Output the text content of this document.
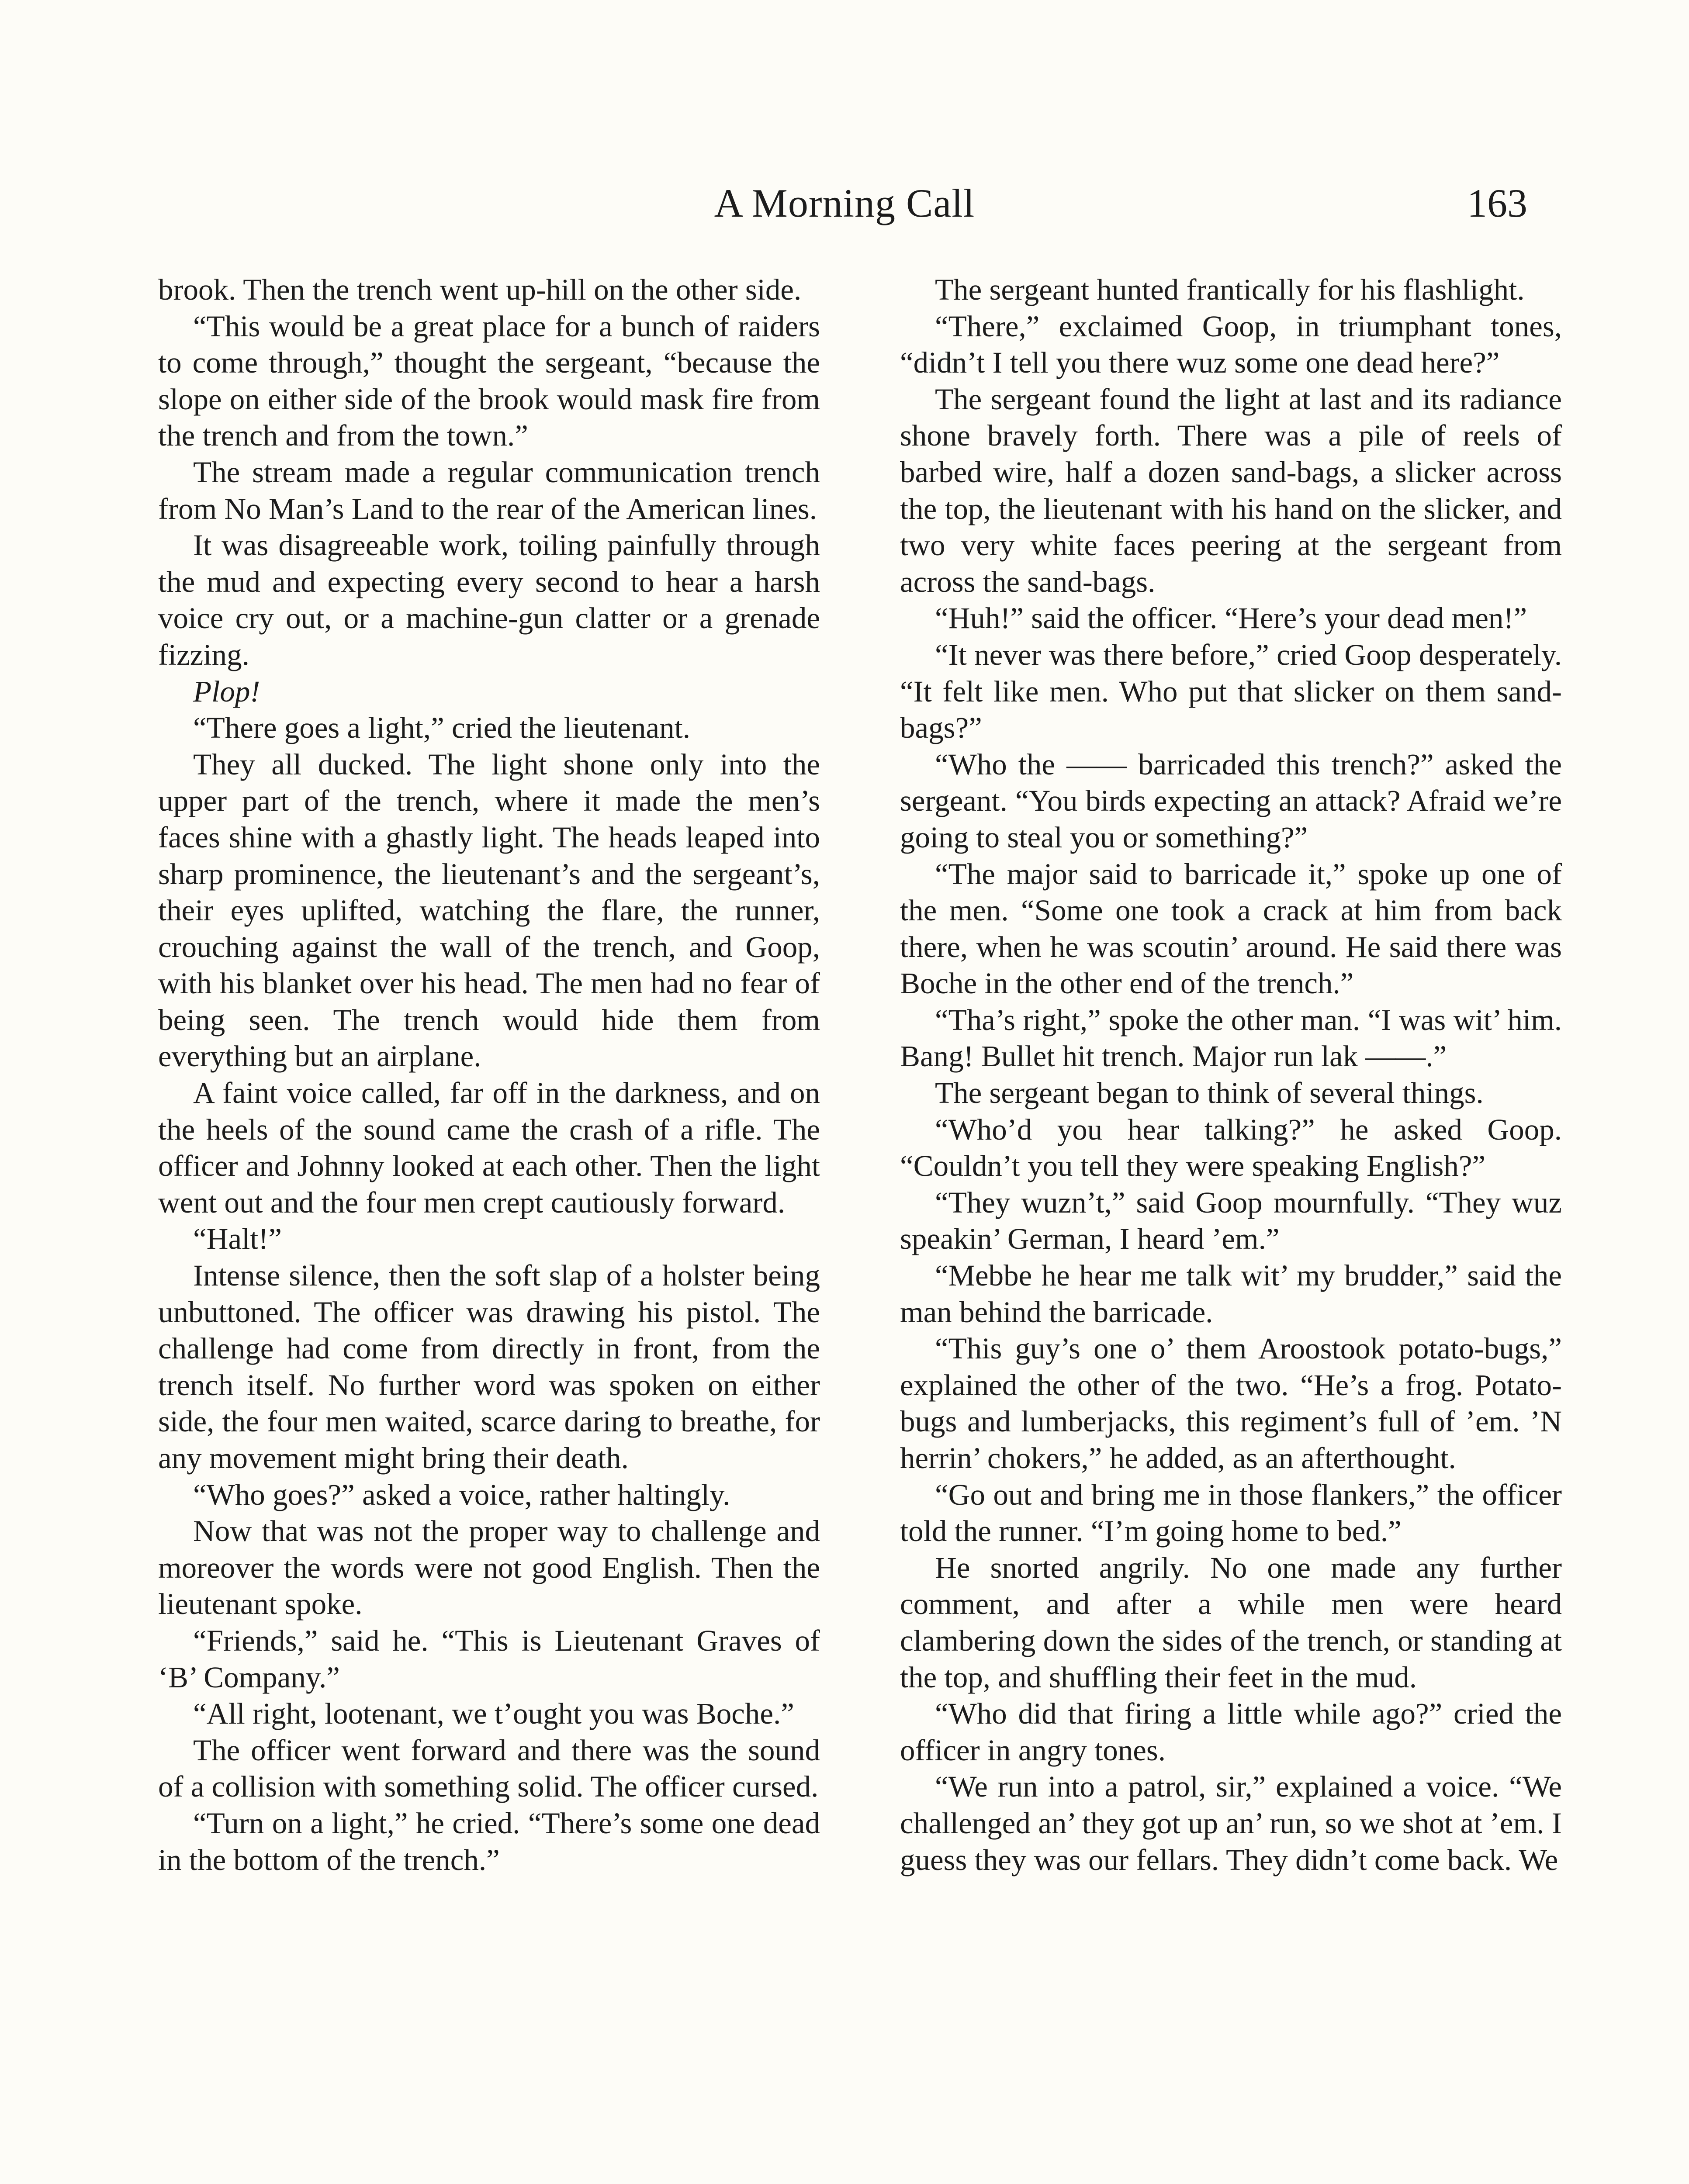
A Morning Call	163

brook. Then the trench went up-hill on the other side.

“This would be a great place for a bunch of raiders to come through,” thought the sergeant, “because the slope on either side of the brook would mask fire from the trench and from the town.”

The stream made a regular communication trench from No Man’s Land to the rear of the American lines.

It was disagreeable work, toiling painfully through the mud and expecting every second to hear a harsh voice cry out, or a machine-gun clatter or a grenade fizzing.

Plop!

“There goes a light,” cried the lieutenant.

They all ducked. The light shone only into the upper part of the trench, where it made the men’s faces shine with a ghastly light. The heads leaped into sharp prominence, the lieutenant’s and the sergeant’s, their eyes uplifted, watching the flare, the runner, crouching against the wall of the trench, and Goop, with his blanket over his head. The men had no fear of being seen. The trench would hide them from everything but an airplane.

A faint voice called, far off in the darkness, and on the heels of the sound came the crash of a rifle. The officer and Johnny looked at each other. Then the light went out and the four men crept cautiously forward.

“Halt!”

Intense silence, then the soft slap of a holster being unbuttoned. The officer was drawing his pistol. The challenge had come from directly in front, from the trench itself. No further word was spoken on either side, the four men waited, scarce daring to breathe, for any movement might bring their death.

“Who goes?” asked a voice, rather haltingly.

Now that was not the proper way to challenge and moreover the words were not good English. Then the lieutenant spoke.

“Friends,” said he. “This is Lieutenant Graves of ‘B’ Company.”

“All right, lootenant, we t’ought you was Boche.”

The officer went forward and there was the sound of a collision with something solid. The officer cursed.

“Turn on a light,” he cried. “There’s some one dead in the bottom of the trench.”

The sergeant hunted frantically for his flashlight.

“There,” exclaimed Goop, in triumphant tones, “didn’t I tell you there wuz some one dead here?”

The sergeant found the light at last and its radiance shone bravely forth. There was a pile of reels of barbed wire, half a dozen sand-bags, a slicker across the top, the lieutenant with his hand on the slicker, and two very white faces peering at the sergeant from across the sand-bags.

“Huh!” said the officer. “Here’s your dead men!”

“It never was there before,” cried Goop desperately. “It felt like men. Who put that slicker on them sand-bags?”

“Who the —— barricaded this trench?” asked the sergeant. “You birds expecting an attack? Afraid we’re going to steal you or something?”

“The major said to barricade it,” spoke up one of the men. “Some one took a crack at him from back there, when he was scoutin’ around. He said there was Boche in the other end of the trench.”

“Tha’s right,” spoke the other man. “I was wit’ him. Bang! Bullet hit trench. Major run lak ——.”

The sergeant began to think of several things.

“Who’d you hear talking?” he asked Goop. “Couldn’t you tell they were speaking English?”

“They wuzn’t,” said Goop mournfully. “They wuz speakin’ German, I heard ’em.”

“Mebbe he hear me talk wit’ my brudder,” said the man behind the barricade.

“This guy’s one o’ them Aroostook potato-bugs,” explained the other of the two. “He’s a frog. Potato-bugs and lumberjacks, this regiment’s full of ’em. ’N herrin’ chokers,” he added, as an afterthought.

“Go out and bring me in those flankers,” the officer told the runner. “I’m going home to bed.”

He snorted angrily. No one made any further comment, and after a while men were heard clambering down the sides of the trench, or standing at the top, and shuffling their feet in the mud.

“Who did that firing a little while ago?” cried the officer in angry tones.

“We run into a patrol, sir,” explained a voice. “We challenged an’ they got up an’ run, so we shot at ’em. I guess they was our fellars. They didn’t come back. We
